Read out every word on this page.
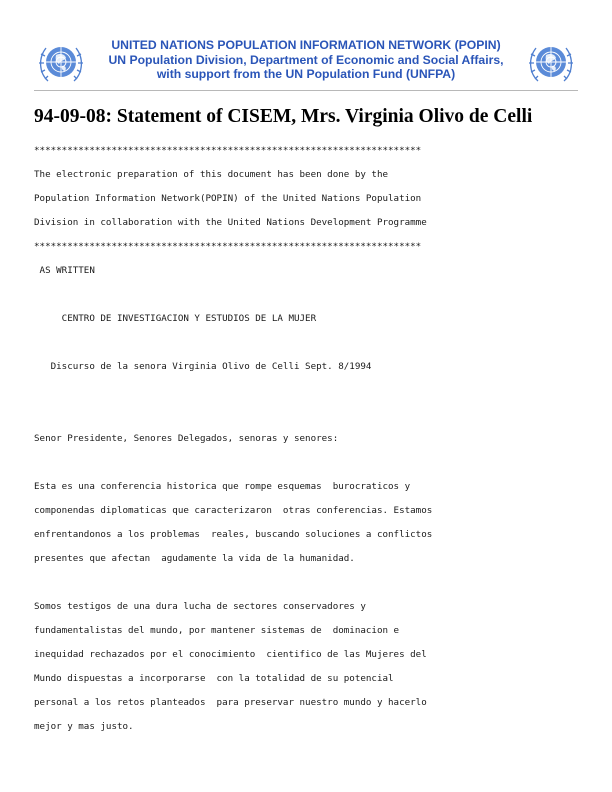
UNITED NATIONS POPULATION INFORMATION NETWORK (POPIN)
UN Population Division, Department of Economic and Social Affairs,
with support from the UN Population Fund (UNFPA)
94-09-08: Statement of CISEM, Mrs. Virginia Olivo de Celli
**********************************************************************
The electronic preparation of this document has been done by the
Population Information Network(POPIN) of the United Nations Population
Division in collaboration with the United Nations Development Programme
**********************************************************************
AS WRITTEN
CENTRO DE INVESTIGACION Y ESTUDIOS DE LA MUJER
Discurso de la senora Virginia Olivo de Celli Sept. 8/1994
Senor Presidente, Senores Delegados, senoras y senores:
Esta es una conferencia historica que rompe esquemas  burocraticos y
componendas diplomaticas que caracterizaron  otras conferencias. Estamos
enfrentandonos a los problemas  reales, buscando soluciones a conflictos
presentes que afectan  agudamente la vida de la humanidad.
Somos testigos de una dura lucha de sectores conservadores y
fundamentalistas del mundo, por mantener sistemas de  dominacion e
inequidad rechazados por el conocimiento  cientifico de las Mujeres del
Mundo dispuestas a incorporarse  con la totalidad de su potencial
personal a los retos planteados  para preservar nuestro mundo y hacerlo
mejor y mas justo.
